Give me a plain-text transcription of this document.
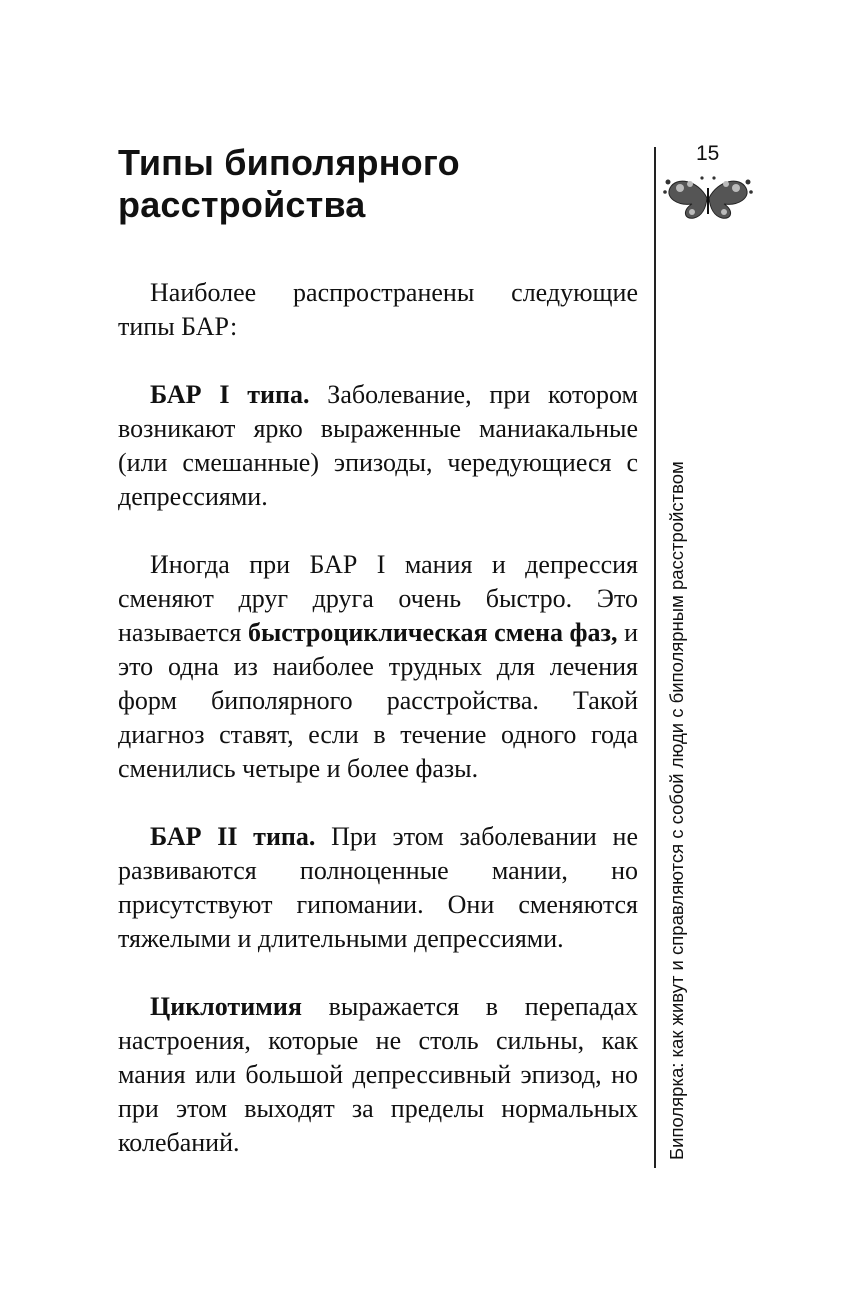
Типы биполярного
расстройства

Наиболее распространены следующие типы БАР:

БАР I типа. Заболевание, при котором возникают ярко выраженные маниакальные (или смешанные) эпизоды, чередующиеся с депрессиями.

Иногда при БАР I мания и депрессия сменяют друг друга очень быстро. Это называется быстроциклическая смена фаз, и это одна из наиболее трудных для лечения форм биполярного расстройства. Такой диагноз ставят, если в течение одного года сменились четыре и более фазы.

БАР II типа. При этом заболевании не развиваются полноценные мании, но присутствуют гипомании. Они сменяются тяжелыми и длительными депрессиями.

Циклотимия выражается в перепадах настроения, которые не столь сильны, как мания или большой депрессивный эпизод, но при этом выходят за пределы нормальных колебаний.

15

Биполярка: как живут и справляются с собой люди с биполярным расстройством
